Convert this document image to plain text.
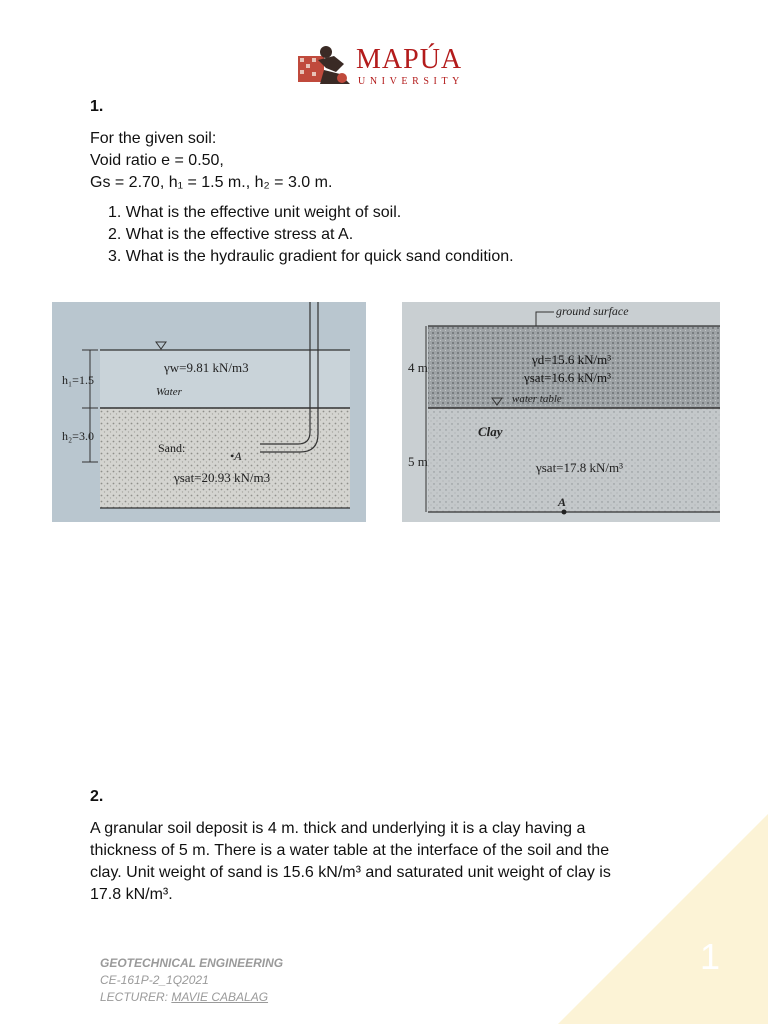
MAPÚA
UNIVERSITY
1.
For the given soil:
Void ratio e = 0.50,
Gs = 2.70, h₁ = 1.5 m., h₂ = 3.0 m.
1. What is the effective unit weight of soil.
2. What is the effective stress at A.
3. What is the hydraulic gradient for quick sand condition.
h₁=1.5
h₂=3.0
γw=9.81 kN/m3
Water
Sand:
•A
γsat=20.93 kN/m3
ground surface
4 m
5 m
γd=15.6 kN/m³
γsat=16.6 kN/m³
water table
Clay
γsat=17.8 kN/m³
A
1
2.
A granular soil deposit is 4 m. thick and underlying it is a clay having a
thickness of 5 m. There is a water table at the interface of the soil and the
clay. Unit weight of sand is 15.6 kN/m³ and saturated unit weight of clay is
17.8 kN/m³.
GEOTECHNICAL ENGINEERING
CE-161P-2_1Q2021
LECTURER: MAVIE CABALAG
